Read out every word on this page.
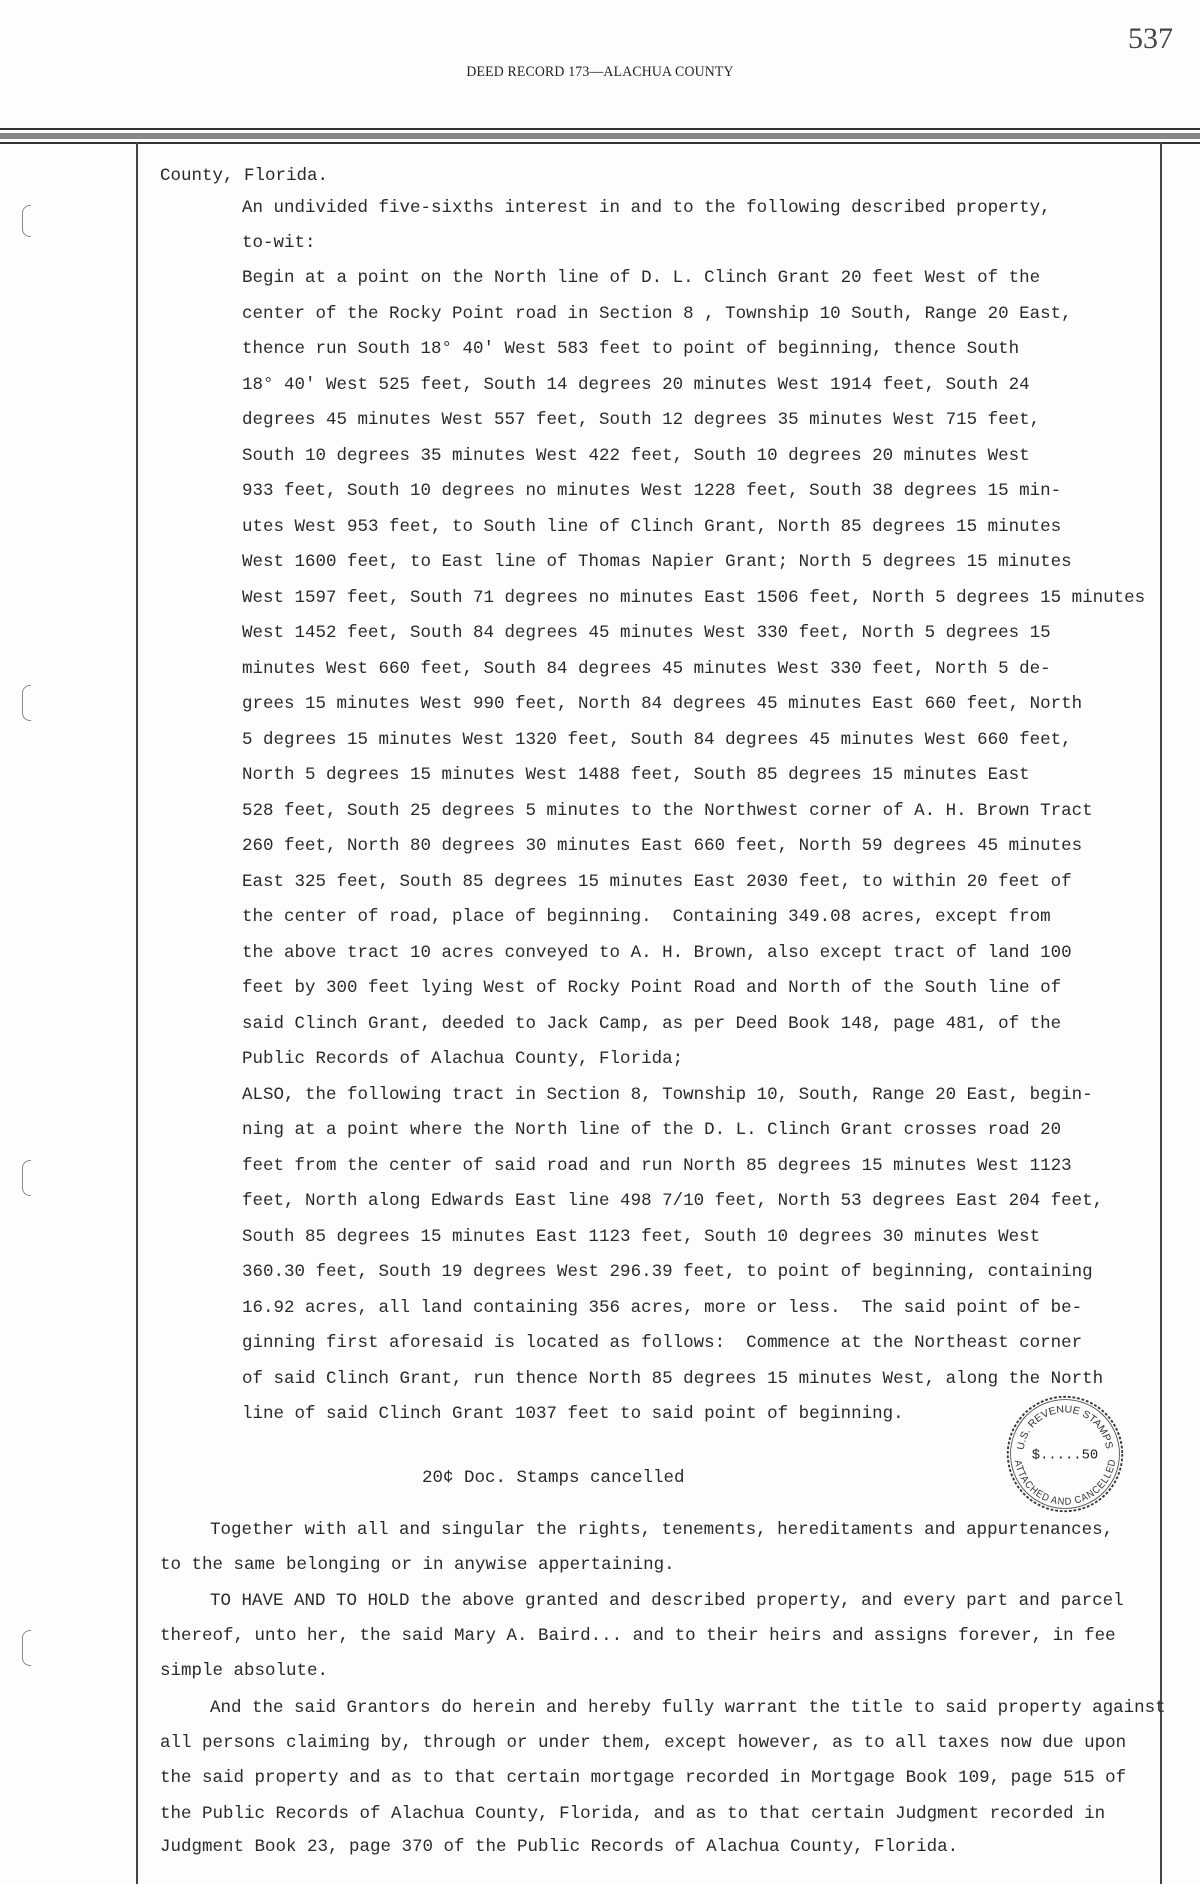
537
DEED RECORD 173—ALACHUA COUNTY
County, Florida.
An undivided five-sixths interest in and to the following described property,
to-wit:
Begin at a point on the North line of D. L. Clinch Grant 20 feet West of the
center of the Rocky Point road in Section 8 , Township 10 South, Range 20 East,
thence run South 18° 40' West 583 feet to point of beginning, thence South
18° 40' West 525 feet, South 14 degrees 20 minutes West 1914 feet, South 24
degrees 45 minutes West 557 feet, South 12 degrees 35 minutes West 715 feet,
South 10 degrees 35 minutes West 422 feet, South 10 degrees 20 minutes West
933 feet, South 10 degrees no minutes West 1228 feet, South 38 degrees 15 min-
utes West 953 feet, to South line of Clinch Grant, North 85 degrees 15 minutes
West 1600 feet, to East line of Thomas Napier Grant; North 5 degrees 15 minutes
West 1597 feet, South 71 degrees no minutes East 1506 feet, North 5 degrees 15 minutes
West 1452 feet, South 84 degrees 45 minutes West 330 feet, North 5 degrees 15
minutes West 660 feet, South 84 degrees 45 minutes West 330 feet, North 5 de-
grees 15 minutes West 990 feet, North 84 degrees 45 minutes East 660 feet, North
5 degrees 15 minutes West 1320 feet, South 84 degrees 45 minutes West 660 feet,
North 5 degrees 15 minutes West 1488 feet, South 85 degrees 15 minutes East
528 feet, South 25 degrees 5 minutes to the Northwest corner of A. H. Brown Tract
260 feet, North 80 degrees 30 minutes East 660 feet, North 59 degrees 45 minutes
East 325 feet, South 85 degrees 15 minutes East 2030 feet, to within 20 feet of
the center of road, place of beginning.  Containing 349.08 acres, except from
the above tract 10 acres conveyed to A. H. Brown, also except tract of land 100
feet by 300 feet lying West of Rocky Point Road and North of the South line of
said Clinch Grant, deeded to Jack Camp, as per Deed Book 148, page 481, of the
Public Records of Alachua County, Florida;
ALSO, the following tract in Section 8, Township 10, South, Range 20 East, begin-
ning at a point where the North line of the D. L. Clinch Grant crosses road 20
feet from the center of said road and run North 85 degrees 15 minutes West 1123
feet, North along Edwards East line 498 7/10 feet, North 53 degrees East 204 feet,
South 85 degrees 15 minutes East 1123 feet, South 10 degrees 30 minutes West
360.30 feet, South 19 degrees West 296.39 feet, to point of beginning, containing
16.92 acres, all land containing 356 acres, more or less.  The said point of be-
ginning first aforesaid is located as follows:  Commence at the Northeast corner
of said Clinch Grant, run thence North 85 degrees 15 minutes West, along the North
line of said Clinch Grant 1037 feet to said point of beginning.
20¢ Doc. Stamps cancelled
Together with all and singular the rights, tenements, hereditaments and appurtenances,
to the same belonging or in anywise appertaining.
TO HAVE AND TO HOLD the above granted and described property, and every part and parcel
thereof, unto her, the said Mary A. Baird... and to their heirs and assigns forever, in fee
simple absolute.
And the said Grantors do herein and hereby fully warrant the title to said property against
all persons claiming by, through or under them, except however, as to all taxes now due upon
the said property and as to that certain mortgage recorded in Mortgage Book 109, page 515 of
the Public Records of Alachua County, Florida, and as to that certain Judgment recorded in
Judgment Book 23, page 370 of the Public Records of Alachua County, Florida.
U.S. REVENUE STAMPS
ATTACHED AND CANCELLED
$.....50
